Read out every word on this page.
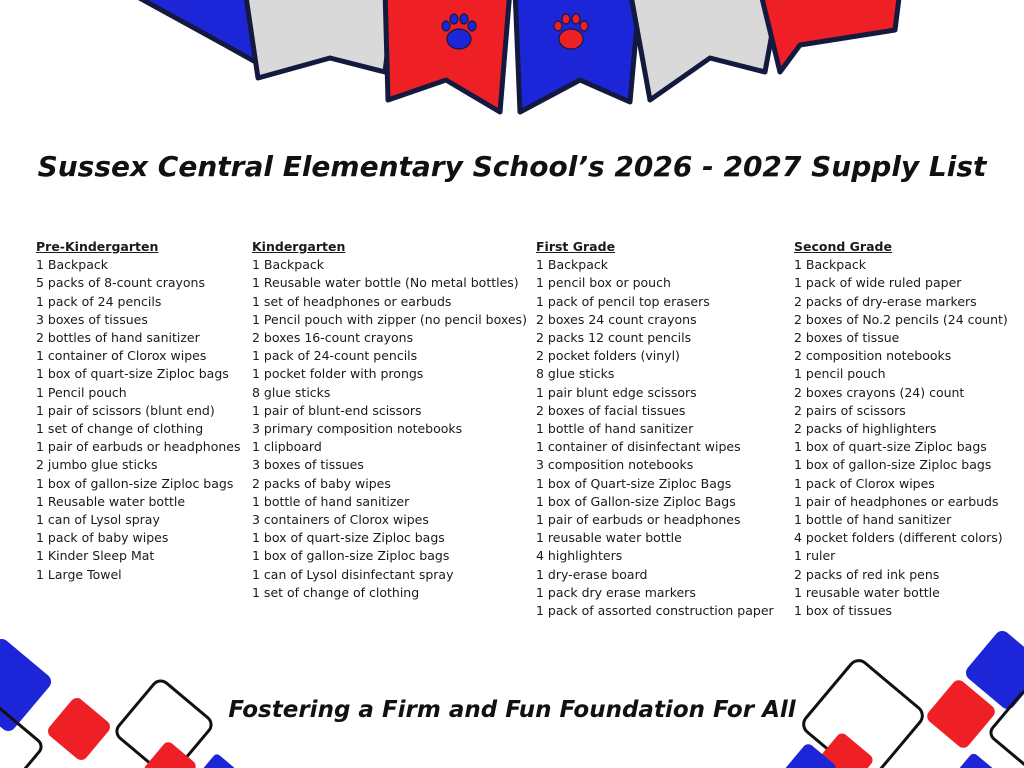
Sussex Central Elementary School’s 2026 - 2027 Supply List
Pre-Kindergarten
1 Backpack
5 packs of 8-count crayons
1 pack of 24 pencils
3 boxes of tissues
2 bottles of hand sanitizer
1 container of Clorox wipes
1 box of quart-size Ziploc bags
1 Pencil pouch
1 pair of scissors (blunt end)
1 set of change of clothing
1 pair of earbuds or headphones
2 jumbo glue sticks
1 box of gallon-size Ziploc bags
1 Reusable water bottle
1 can of Lysol spray
1 pack of baby wipes
1 Kinder Sleep Mat
1 Large Towel
Kindergarten
1 Backpack
1 Reusable water bottle (No metal bottles)
1 set of headphones or earbuds
1 Pencil pouch with zipper (no pencil boxes)
2 boxes 16-count crayons
1 pack of 24-count pencils
1 pocket folder with prongs
8 glue sticks
1 pair of blunt-end scissors
3 primary composition notebooks
1 clipboard
3 boxes of tissues
2 packs of baby wipes
1 bottle of hand sanitizer
3 containers of Clorox wipes
1 box of quart-size Ziploc bags
1 box of gallon-size Ziploc bags
1 can of Lysol disinfectant spray
1 set of change of clothing
First Grade
1 Backpack
1 pencil box or pouch
1 pack of pencil top erasers
2 boxes 24 count crayons
2 packs 12 count pencils
2 pocket folders (vinyl)
8 glue sticks
1 pair blunt edge scissors
2 boxes of facial tissues
1 bottle of hand sanitizer
1 container of disinfectant wipes
3 composition notebooks
1 box of Quart-size Ziploc Bags
1 box of Gallon-size Ziploc Bags
1 pair of earbuds or headphones
1 reusable water bottle
4 highlighters
1 dry-erase board
1 pack dry erase markers
1 pack of assorted construction paper
Second Grade
1 Backpack
1 pack of wide ruled paper
2 packs of dry-erase markers
2 boxes of No.2 pencils (24 count)
2 boxes of tissue
2 composition notebooks
1 pencil pouch
2 boxes crayons (24) count
2 pairs of scissors
2 packs of highlighters
1 box of quart-size Ziploc bags
1 box of gallon-size Ziploc bags
1 pack of Clorox wipes
1 pair of headphones or earbuds
1 bottle of hand sanitizer
4 pocket folders (different colors)
1 ruler
2 packs of red ink pens
1 reusable water bottle
1 box of tissues
Fostering a Firm and Fun Foundation For All
